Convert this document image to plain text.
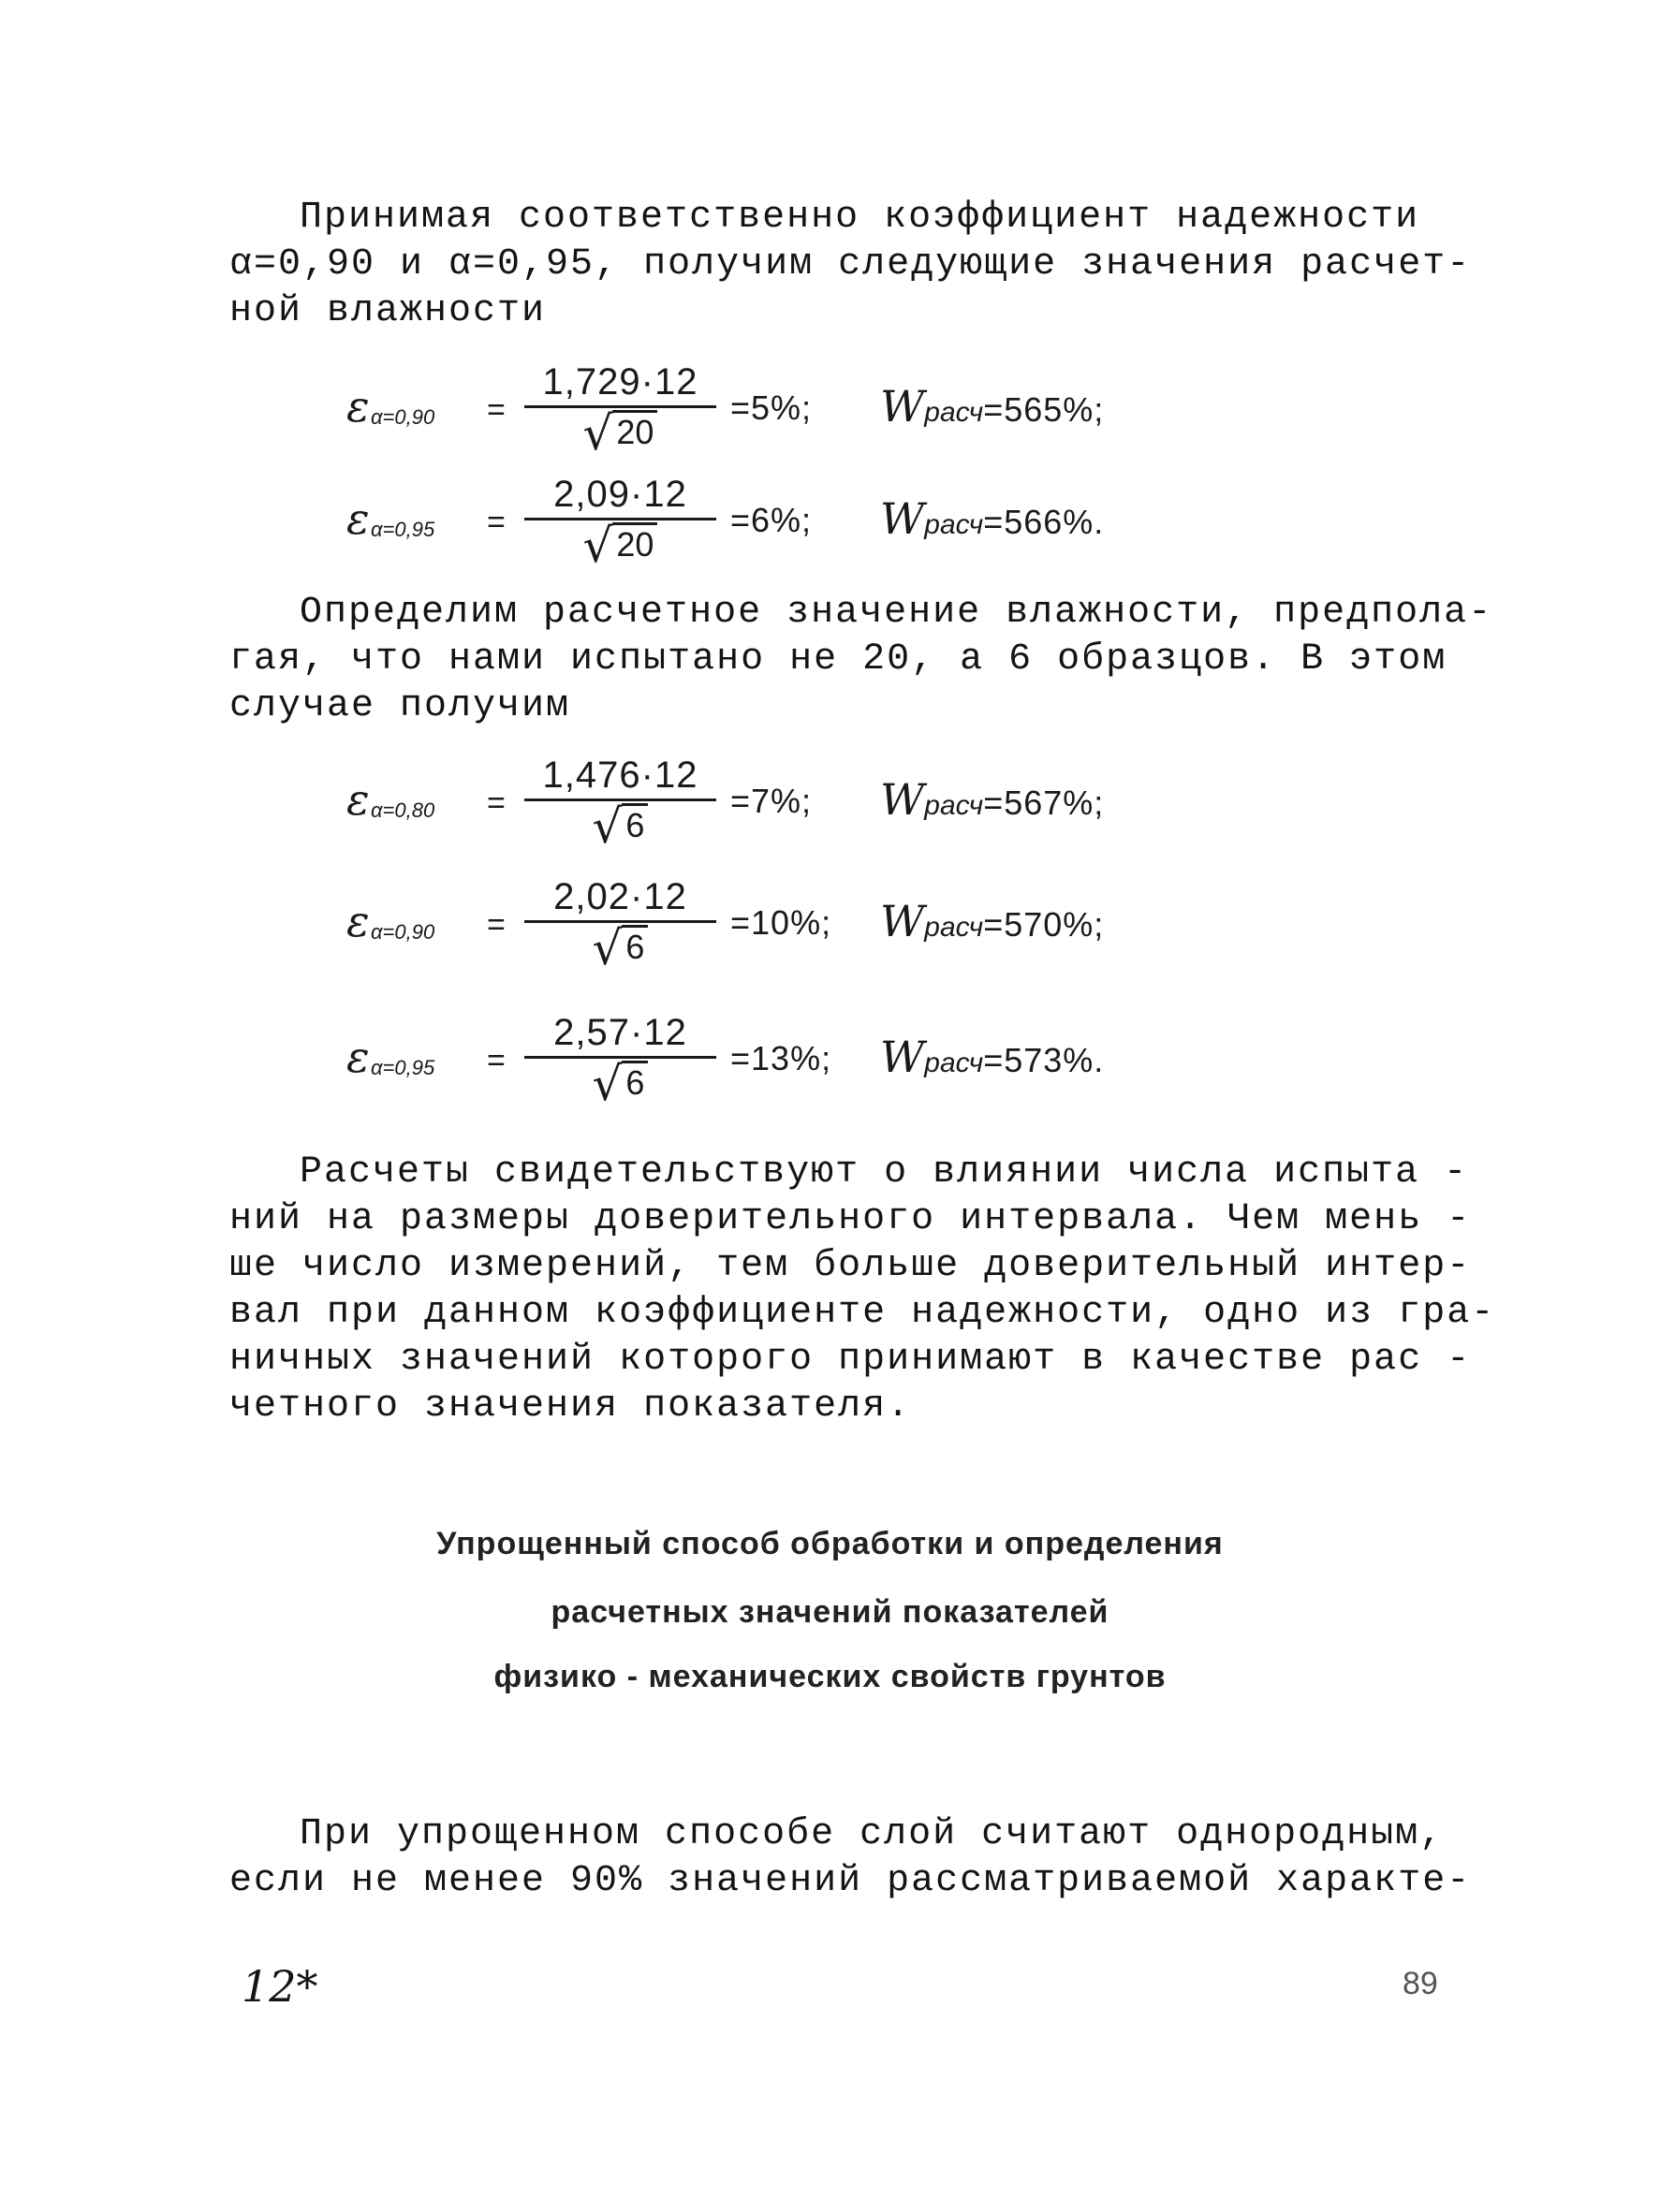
Принимая соответственно коэффициент надежности
α=0,90 и α=0,95, получим следующие значения расчет-
ной влажности
ε α=0,90 =
1,729·12
√ 20
=5%; Wрасч=565%;
ε α=0,95 =
2,09·12
√ 20
=6%; Wрасч=566%.
Определим расчетное значение влажности, предпола-
гая, что нами испытано не 20, а 6 образцов. В этом
случае получим
ε α=0,80 =
1,476·12
√ 6
=7%; Wрасч=567%;
ε α=0,90 =
2,02·12
√ 6
=10%; Wрасч=570%;
ε α=0,95 =
2,57·12
√ 6
=13%; Wрасч=573%.
Расчеты свидетельствуют о влиянии числа испыта -
ний на размеры доверительного интервала. Чем мень -
ше число измерений, тем больше доверительный интер-
вал при данном коэффициенте надежности, одно из гра-
ничных значений которого принимают в качестве рас -
четного значения показателя.
Упрощенный способ обработки и определения
расчетных значений показателей
физико - механических свойств грунтов
При упрощенном способе слой считают однородным,
если не менее 90% значений рассматриваемой характе-
12*	89
